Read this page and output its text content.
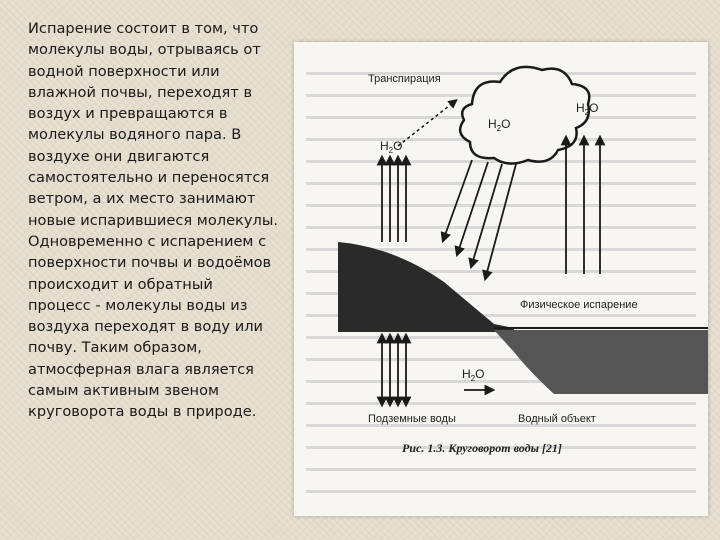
Испарение состоит в том, что молекулы воды, отрываясь от водной поверхности или влажной почвы, переходят в воздух и превращаются в молекулы водяного пара. В воздухе они двигаются самостоятельно и переносятся ветром, а их место занимают новые испарившиеся молекулы. Одновременно с испарением с поверхности почвы и водоёмов происходит и обратный процесс - молекулы воды из воздуха переходят в воду или почву. Таким образом, атмосферная влага является самым активным звеном круговорота воды в природе.

Транспирация
$H_2O$
$H_2O$
$H_2O$
Физическое испарение
$H_2O$
Подземные воды	Водный объект
Рис. 1.3. Круговорот воды [21]
